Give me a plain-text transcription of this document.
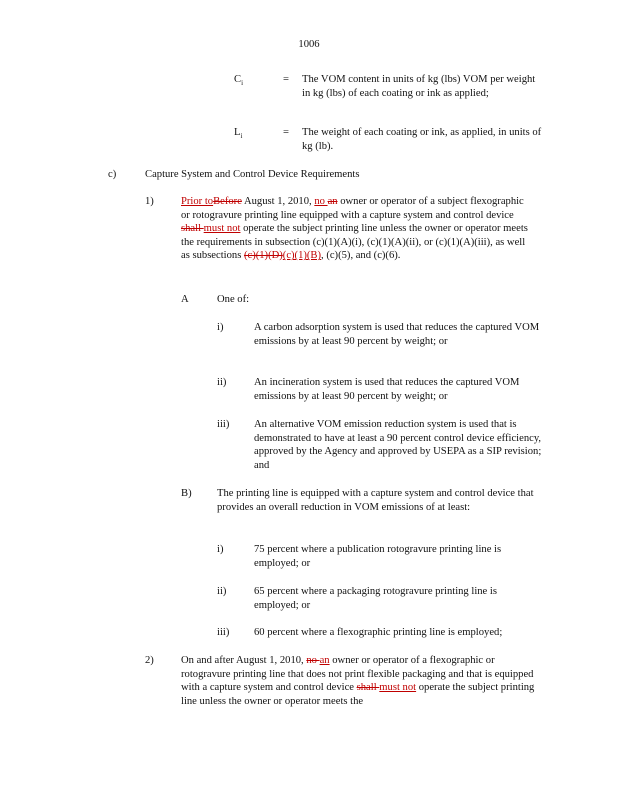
1006
$C_i$	= The VOM content in units of kg (lbs) VOM per weight in kg (lbs) of each coating or ink as applied;

$L_i$	= The weight of each coating or ink, as applied, in units of kg (lb).

c)	Capture System and Control Device Requirements
1)	Prior toBefore August 1, 2010, no an owner or operator of a subject flexographic or rotogravure printing line equipped with a capture system and control device shall must not operate the subject printing line unless the owner or operator meets the requirements in subsection (c)(1)(A)(i), (c)(1)(A)(ii), or (c)(1)(A)(iii), as well as subsections (c)(1)(D)(c)(1)(B), (c)(5), and (c)(6).

A	One of:
i)	A carbon adsorption system is used that reduces the captured VOM emissions by at least 90 percent by weight; or

ii)	An incineration system is used that reduces the captured VOM emissions by at least 90 percent by weight; or

iii) An alternative VOM emission reduction system is used that is demonstrated to have at least a 90 percent control device efficiency, approved by the Agency and approved by USEPA as a SIP revision; and

B) The printing line is equipped with a capture system and control device that provides an overall reduction in VOM emissions of at least:

i)	75 percent where a publication rotogravure printing line is employed; or

ii)	65 percent where a packaging rotogravure printing line is employed; or

iii) 60 percent where a flexographic printing line is employed;

2)	On and after August 1, 2010, no an owner or operator of a flexographic or rotogravure printing line that does not print flexible packaging and that is equipped with a capture system and control device shall must not operate the subject printing line unless the owner or operator meets the
